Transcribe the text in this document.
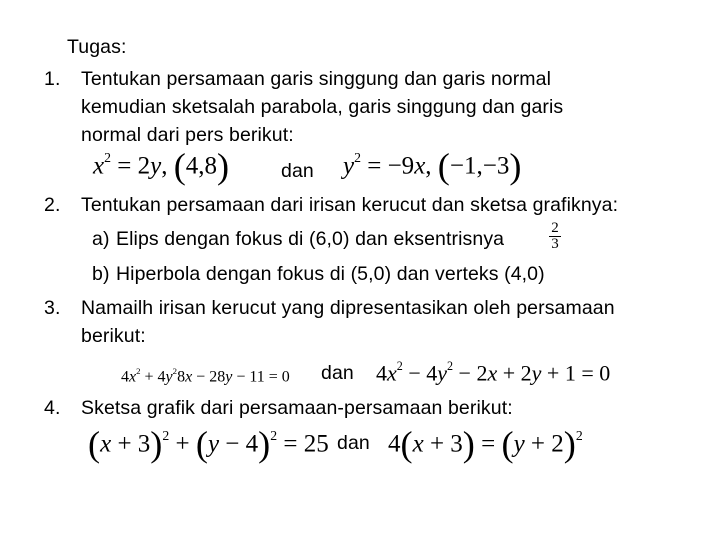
Tugas:
1. Tentukan persamaan garis singgung dan garis normal
kemudian sketsalah parabola, garis singgung dan garis
normal dari pers berikut:
$x^2 = 2y$, (4,8)	dan $y^2 = -9x$, (−1,−3)
2. Tentukan persamaan dari irisan kerucut dan sketsa grafiknya:
a) Elips dengan fokus di (6,0) dan eksentrisnya	2
3
b) Hiperbola dengan fokus di (5,0) dan verteks (4,0)
3. Namailh irisan kerucut yang dipresentasikan oleh persamaan
berikut:
$4x^2 + 4y^28x - 28y - 11 = 0$ dan $4x^2 - 4y^2 - 2x + 2y + 1 = 0$
4. Sketsa grafik dari persamaan-persamaan berikut:
$(x + 3)^2 + (y - 4)^2 = 25$ dan $4(x + 3) = (y + 2)^2$
